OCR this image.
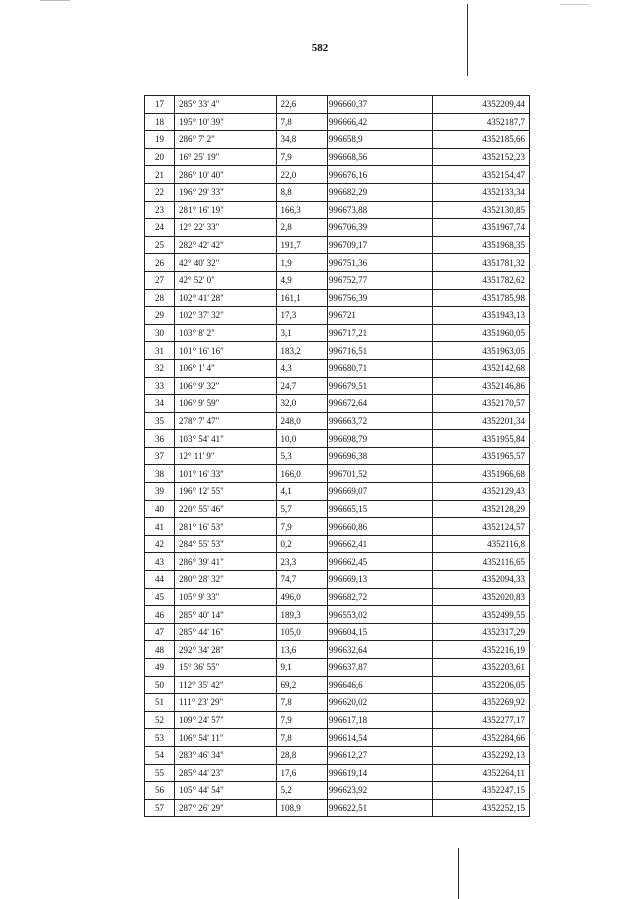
582
17	285° 33' 4"	22,6	996660,37	4352209,44
18	195° 10' 39"	7,8	996666,42	4352187,7
19	286° 7' 2"	34,8	996658,9	4352185,66
20	16° 25' 19"	7,9	996668,56	4352152,23
21	286° 10' 40"	22,0	996676,16	4352154,47
22	196° 29' 33"	8,8	996682,29	4352133,34
23	281° 16' 19"	166,3	996673,88	4352130,85
24	12° 22' 33"	2,8	996706,39	4351967,74
25	282° 42' 42"	191,7	996709,17	4351968,35
26	42° 40' 32"	1,9	996751,36	4351781,32
27	42° 52' 0"	4,9	996752,77	4351782,62
28	102° 41' 28"	161,1	996756,39	4351785,98
29	102° 37' 32"	17,3	996721	4351943,13
30	103° 8' 2"	3,1	996717,21	4351960,05
31	101° 16' 16"	183,2	996716,51	4351963,05
32	106° 1' 4"	4,3	996680,71	4352142,68
33	106° 9' 32"	24,7	996679,51	4352146,86
34	106° 9' 59"	32,0	996672,64	4352170,57
35	278° 7' 47"	248,0	996663,72	4352201,34
36	103° 54' 41"	10,0	996698,79	4351955,84
37	12° 11' 9"	5,3	996696,38	4351965,57
38	101° 16' 33"	166,0	996701,52	4351966,68
39	196° 12' 55"	4,1	996669,07	4352129,43
40	220° 55' 46"	5,7	996665,15	4352128,29
41	281° 16' 53"	7,9	996660,86	4352124,57
42	284° 55' 53"	0,2	996662,41	4352116,8
43	286° 39' 41"	23,3	996662,45	4352116,65
44	280° 28' 32"	74,7	996669,13	4352094,33
45	105° 9' 33"	496,0	996682,72	4352020,83
46	285° 40' 14"	189,3	996553,02	4352499,55
47	285° 44' 16"	105,0	996604,15	4352317,29
48	292° 34' 28"	13,6	996632,64	4352216,19
49	15° 36' 55"	9,1	996637,87	4352203,61
50	112° 35' 42"	69,2	996646,6	4352206,05
51	111° 23' 29"	7,8	996620,02	4352269,92
52	109° 24' 57"	7,9	996617,18	4352277,17
53	106° 54' 11"	7,8	996614,54	4352284,66
54	283° 46' 34"	28,8	996612,27	4352292,13
55	285° 44' 23"	17,6	996619,14	4352264,11
56	105° 44' 54"	5,2	996623,92	4352247,15
57	287° 26' 29"	108,9	996622,51	4352252,15
